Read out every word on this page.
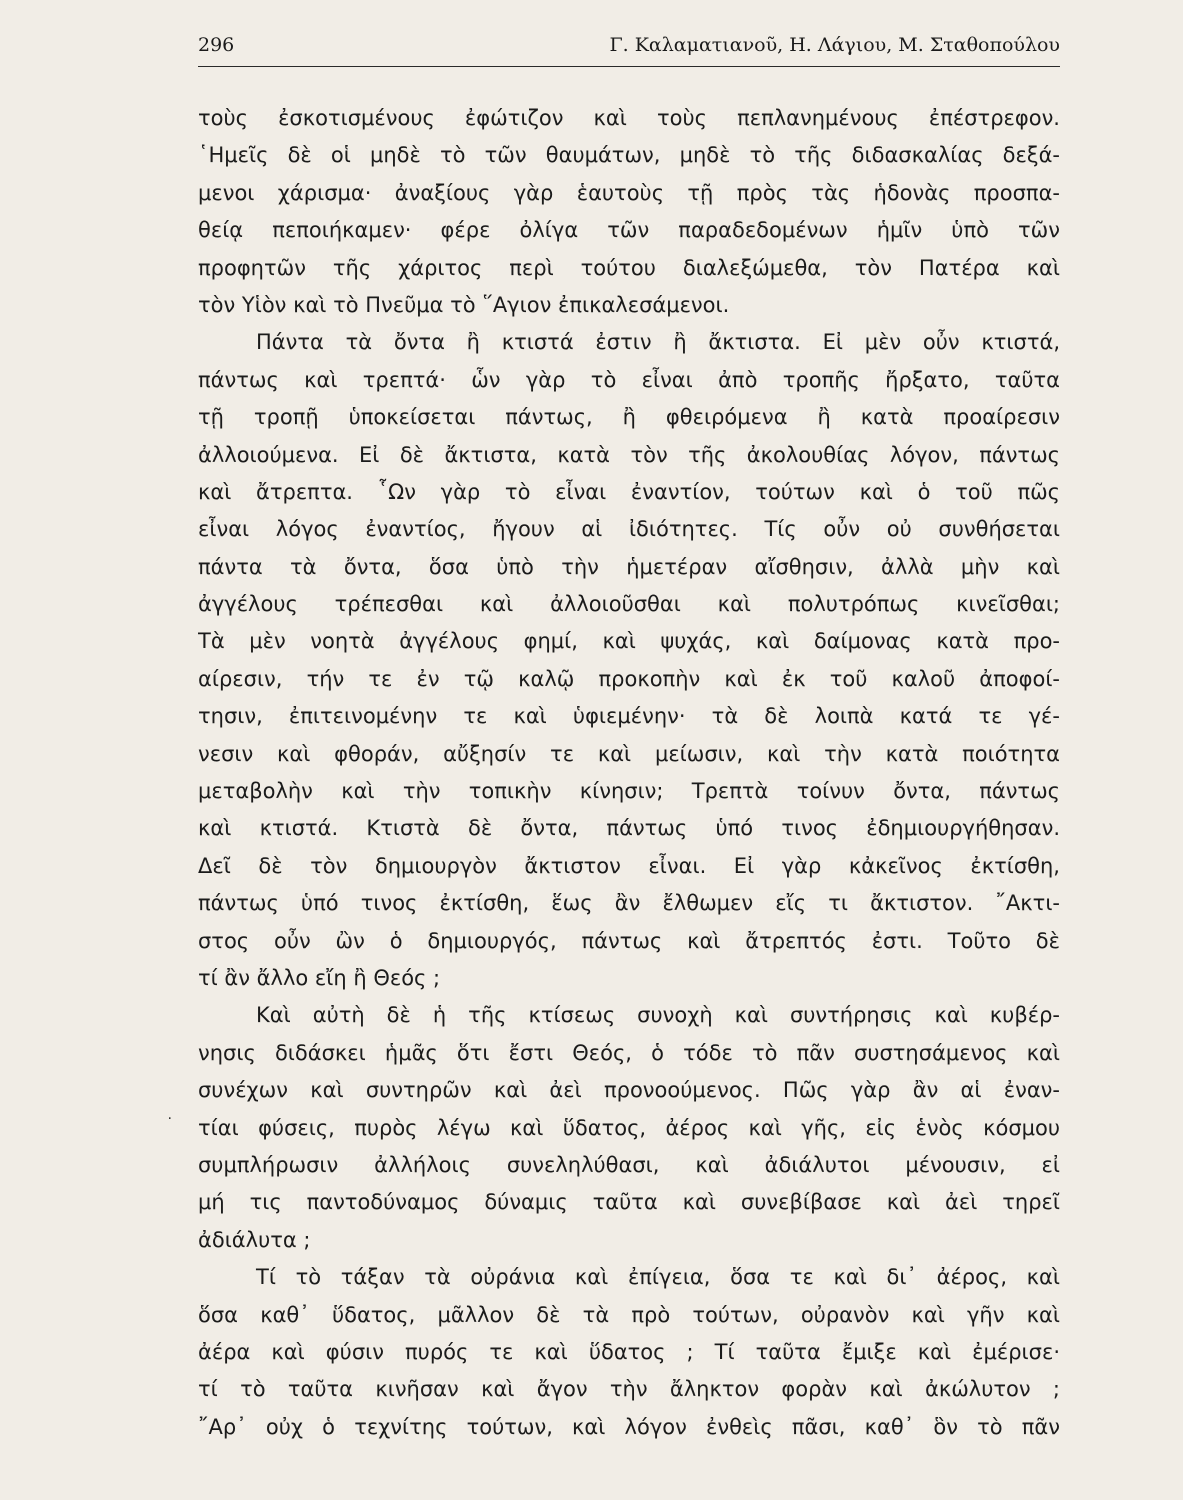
296	Γ. Καλαματιανοῦ, Η. Λάγιου, Μ. Σταθοπούλου
٠
τοὺς ἐσκοτισμένους ἐφώτιζον καὶ τοὺς πεπλανημένους ἐπέστρεφον.
῾Ημεῖς δὲ οἱ μηδὲ τὸ τῶν θαυμάτων, μηδὲ τὸ τῆς διδασκαλίας δεξά-
μενοι χάρισμα· ἀναξίους γὰρ ἑαυτοὺς τῇ πρὸς τὰς ἡδονὰς προσπα-
θείᾳ πεποιήκαμεν· φέρε ὀλίγα τῶν παραδεδομένων ἡμῖν ὑπὸ τῶν
προφητῶν τῆς χάριτος περὶ τούτου διαλεξώμεθα, τὸν Πατέρα καὶ
τὸν Υἱὸν καὶ τὸ Πνεῦμα τὸ ῞Αγιον ἐπικαλεσάμενοι.
Πάντα τὰ ὄντα ἢ κτιστά ἐστιν ἢ ἄκτιστα. Εἰ μὲν οὖν κτιστά,
πάντως καὶ τρεπτά· ὧν γὰρ τὸ εἶναι ἀπὸ τροπῆς ἤρξατο, ταῦτα
τῇ τροπῇ ὑποκείσεται πάντως, ἢ φθειρόμενα ἢ κατὰ προαίρεσιν
ἀλλοιούμενα. Εἰ δὲ ἄκτιστα, κατὰ τὸν τῆς ἀκολουθίας λόγον, πάντως
καὶ ἄτρεπτα. ῟Ων γὰρ τὸ εἶναι ἐναντίον, τούτων καὶ ὁ τοῦ πῶς
εἶναι λόγος ἐναντίος, ἤγουν αἱ ἰδιότητες. Τίς οὖν οὐ συνθήσεται
πάντα τὰ ὄντα, ὅσα ὑπὸ τὴν ἡμετέραν αἴσθησιν, ἀλλὰ μὴν καὶ
ἀγγέλους τρέπεσθαι καὶ ἀλλοιοῦσθαι καὶ πολυτρόπως κινεῖσθαι;
Τὰ μὲν νοητὰ ἀγγέλους φημί, καὶ ψυχάς, καὶ δαίμονας κατὰ προ-
αίρεσιν, τήν τε ἐν τῷ καλῷ προκοπὴν καὶ ἐκ τοῦ καλοῦ ἀποφοί-
τησιν, ἐπιτεινομένην τε καὶ ὑφιεμένην· τὰ δὲ λοιπὰ κατά τε γέ-
νεσιν καὶ φθοράν, αὔξησίν τε καὶ μείωσιν, καὶ τὴν κατὰ ποιότητα
μεταβολὴν καὶ τὴν τοπικὴν κίνησιν; Τρεπτὰ τοίνυν ὄντα, πάντως
καὶ κτιστά. Κτιστὰ δὲ ὄντα, πάντως ὑπό τινος ἐδημιουργήθησαν.
Δεῖ δὲ τὸν δημιουργὸν ἄκτιστον εἶναι. Εἰ γὰρ κἀκεῖνος ἐκτίσθη,
πάντως ὑπό τινος ἐκτίσθη, ἕως ἂν ἔλθωμεν εἴς τι ἄκτιστον. ῎Ακτι-
στος οὖν ὢν ὁ δημιουργός, πάντως καὶ ἄτρεπτός ἐστι. Τοῦτο δὲ
τί ἂν ἄλλο εἴη ἢ Θεός ;
Καὶ αὐτὴ δὲ ἡ τῆς κτίσεως συνοχὴ καὶ συντήρησις καὶ κυβέρ-
νησις διδάσκει ἡμᾶς ὅτι ἔστι Θεός, ὁ τόδε τὸ πᾶν συστησάμενος καὶ
συνέχων καὶ συντηρῶν καὶ ἀεὶ προνοούμενος. Πῶς γὰρ ἂν αἱ ἐναν-
τίαι φύσεις, πυρὸς λέγω καὶ ὕδατος, ἀέρος καὶ γῆς, εἰς ἑνὸς κόσμου
συμπλήρωσιν ἀλλήλοις συνεληλύθασι, καὶ ἀδιάλυτοι μένουσιν, εἰ
μή τις παντοδύναμος δύναμις ταῦτα καὶ συνεβίβασε καὶ ἀεὶ τηρεῖ
ἀδιάλυτα ;
Τί τὸ τάξαν τὰ οὐράνια καὶ ἐπίγεια, ὅσα τε καὶ δι᾽ ἀέρος, καὶ
ὅσα καθ᾽ ὕδατος, μᾶλλον δὲ τὰ πρὸ τούτων, οὐρανὸν καὶ γῆν καὶ
ἀέρα καὶ φύσιν πυρός τε καὶ ὕδατος ; Τί ταῦτα ἔμιξε καὶ ἐμέρισε·
τί τὸ ταῦτα κινῆσαν καὶ ἄγον τὴν ἄληκτον φορὰν καὶ ἀκώλυτον ;
῎Αρ᾽ οὐχ ὁ τεχνίτης τούτων, καὶ λόγον ἐνθεὶς πᾶσι, καθ᾽ ὃν τὸ πᾶν
